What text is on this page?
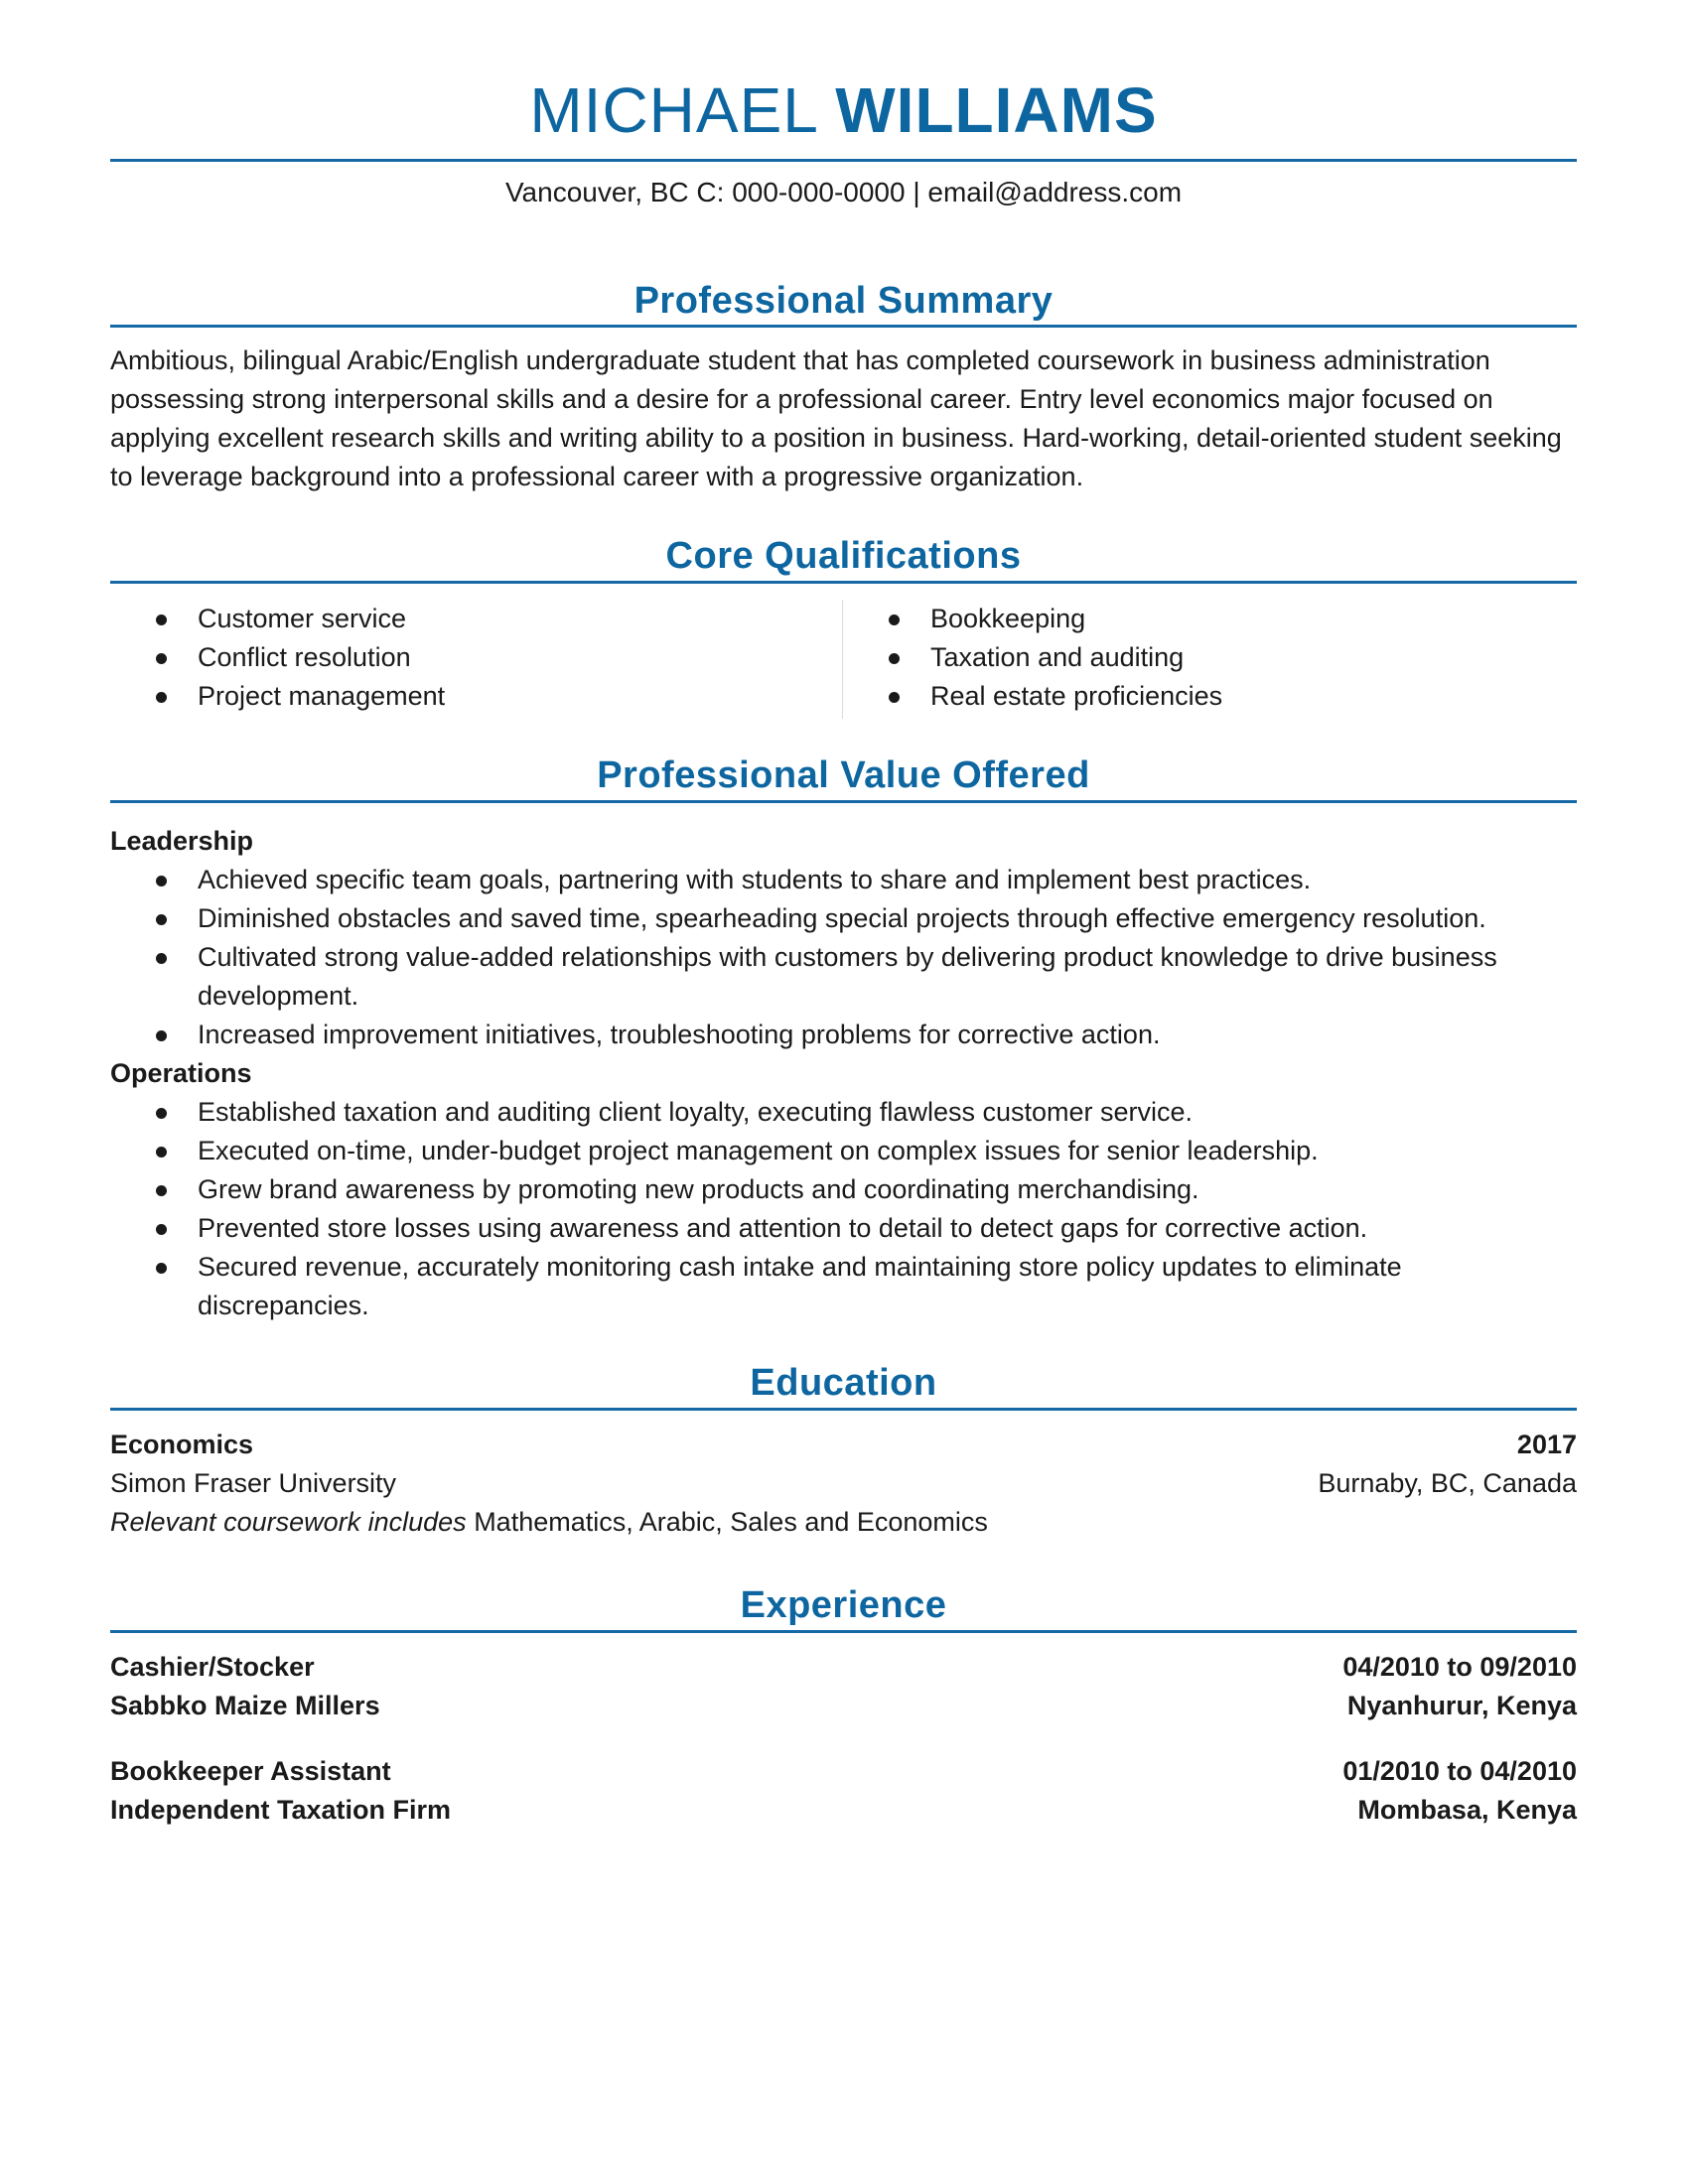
MICHAEL WILLIAMS
Vancouver, BC C: 000-000-0000 | email@address.com
Professional Summary
Ambitious, bilingual Arabic/English undergraduate student that has completed coursework in business administration possessing strong interpersonal skills and a desire for a professional career. Entry level economics major focused on applying excellent research skills and writing ability to a position in business. Hard-working, detail-oriented student seeking to leverage background into a professional career with a progressive organization.
Core Qualifications
Customer service
Conflict resolution
Project management
Bookkeeping
Taxation and auditing
Real estate proficiencies
Professional Value Offered
Leadership
Achieved specific team goals, partnering with students to share and implement best practices.
Diminished obstacles and saved time, spearheading special projects through effective emergency resolution.
Cultivated strong value-added relationships with customers by delivering product knowledge to drive business development.
Increased improvement initiatives, troubleshooting problems for corrective action.
Operations
Established taxation and auditing client loyalty, executing flawless customer service.
Executed on-time, under-budget project management on complex issues for senior leadership.
Grew brand awareness by promoting new products and coordinating merchandising.
Prevented store losses using awareness and attention to detail to detect gaps for corrective action.
Secured revenue, accurately monitoring cash intake and maintaining store policy updates to eliminate discrepancies.
Education
Economics	2017
Simon Fraser University	Burnaby, BC, Canada
Relevant coursework includes Mathematics, Arabic, Sales and Economics
Experience
Cashier/Stocker	04/2010 to 09/2010
Sabbko Maize Millers	Nyanhurur, Kenya
Bookkeeper Assistant	01/2010 to 04/2010
Independent Taxation Firm	Mombasa, Kenya
